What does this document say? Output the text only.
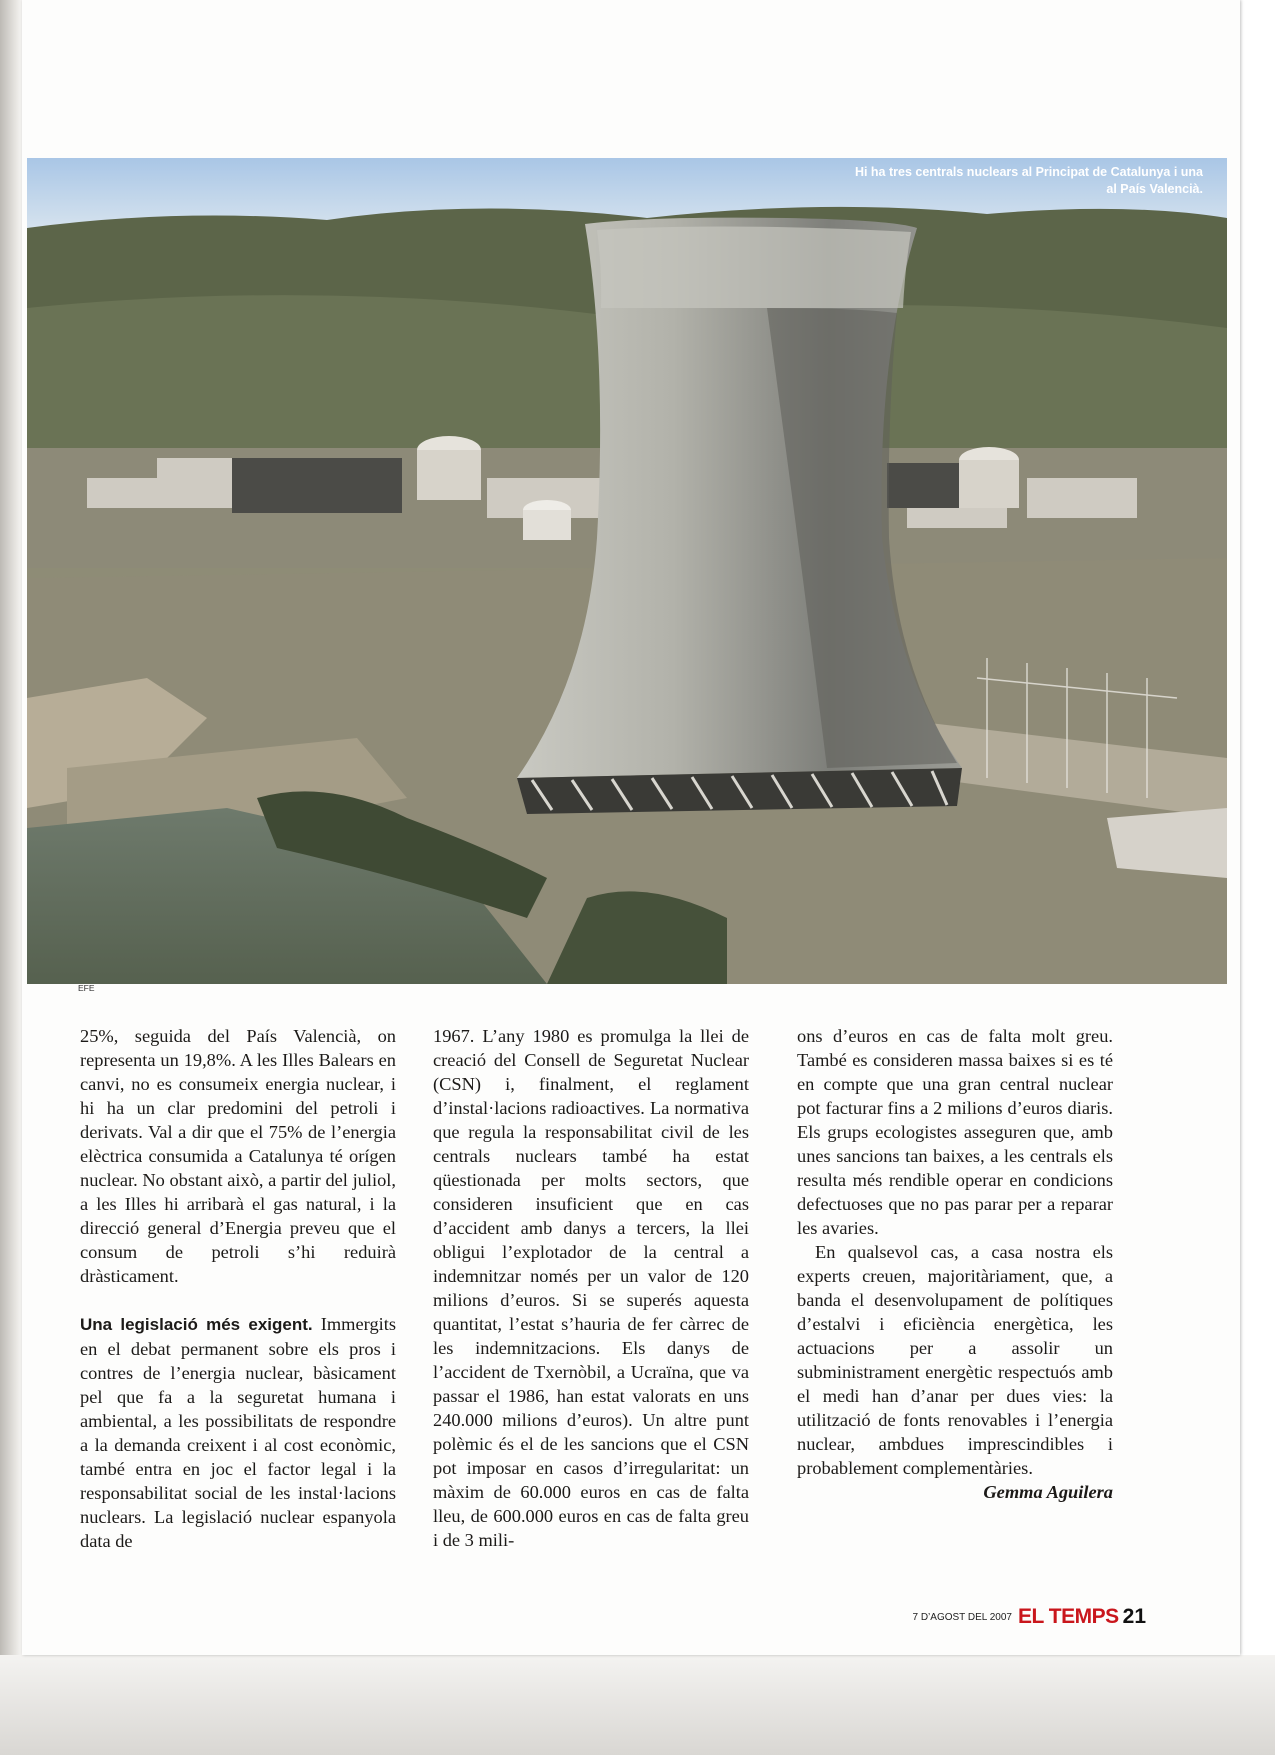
Hi ha tres centrals nuclears al Principat de Catalunya i una al País Valencià.
EFE

25%, seguida del País Valencià, on representa un 19,8%. A les Illes Balears en canvi, no es consumeix energia nuclear, i hi ha un clar predomini del petroli i derivats. Val a dir que el 75% de l’energia elèctrica consumida a Catalunya té orígen nuclear. No obstant això, a partir del juliol, a les Illes hi arribarà el gas natural, i la direcció general d’Energia preveu que el consum de petroli s’hi reduirà dràsticament.

Una legislació més exigent. Immergits en el debat permanent sobre els pros i contres de l’energia nuclear, bàsicament pel que fa a la seguretat humana i ambiental, a les possibilitats de respondre a la demanda creixent i al cost econòmic, també entra en joc el factor legal i la responsabilitat social de les instal·lacions nuclears. La legislació nuclear espanyola data de

1967. L’any 1980 es promulga la llei de creació del Consell de Seguretat Nuclear (CSN) i, finalment, el reglament d’instal·lacions radioactives. La normativa que regula la responsabilitat civil de les centrals nuclears també ha estat qüestionada per molts sectors, que consideren insuficient que en cas d’accident amb danys a tercers, la llei obligui l’explotador de la central a indemnitzar només per un valor de 120 milions d’euros. Si se superés aquesta quantitat, l’estat s’hauria de fer càrrec de les indemnitzacions. Els danys de l’accident de Txernòbil, a Ucraïna, que va passar el 1986, han estat valorats en uns 240.000 milions d’euros). Un altre punt polèmic és el de les sancions que el CSN pot imposar en casos d’irregularitat: un màxim de 60.000 euros en cas de falta lleu, de 600.000 euros en cas de falta greu i de 3 mili-

ons d’euros en cas de falta molt greu. També es consideren massa baixes si es té en compte que una gran central nuclear pot facturar fins a 2 milions d’euros diaris. Els grups ecologistes asseguren que, amb unes sancions tan baixes, a les centrals els resulta més rendible operar en condicions defectuoses que no pas parar per a reparar les avaries.

En qualsevol cas, a casa nostra els experts creuen, majoritàriament, que, a banda el desenvolupament de polítiques d’estalvi i eficiència energètica, les actuacions per a assolir un subministrament energètic respectuós amb el medi han d’anar per dues vies: la utilització de fonts renovables i l’energia nuclear, ambdues imprescindibles i probablement complementàries.

Gemma Aguilera

7 D’AGOST DEL 2007 EL TEMPS 21
